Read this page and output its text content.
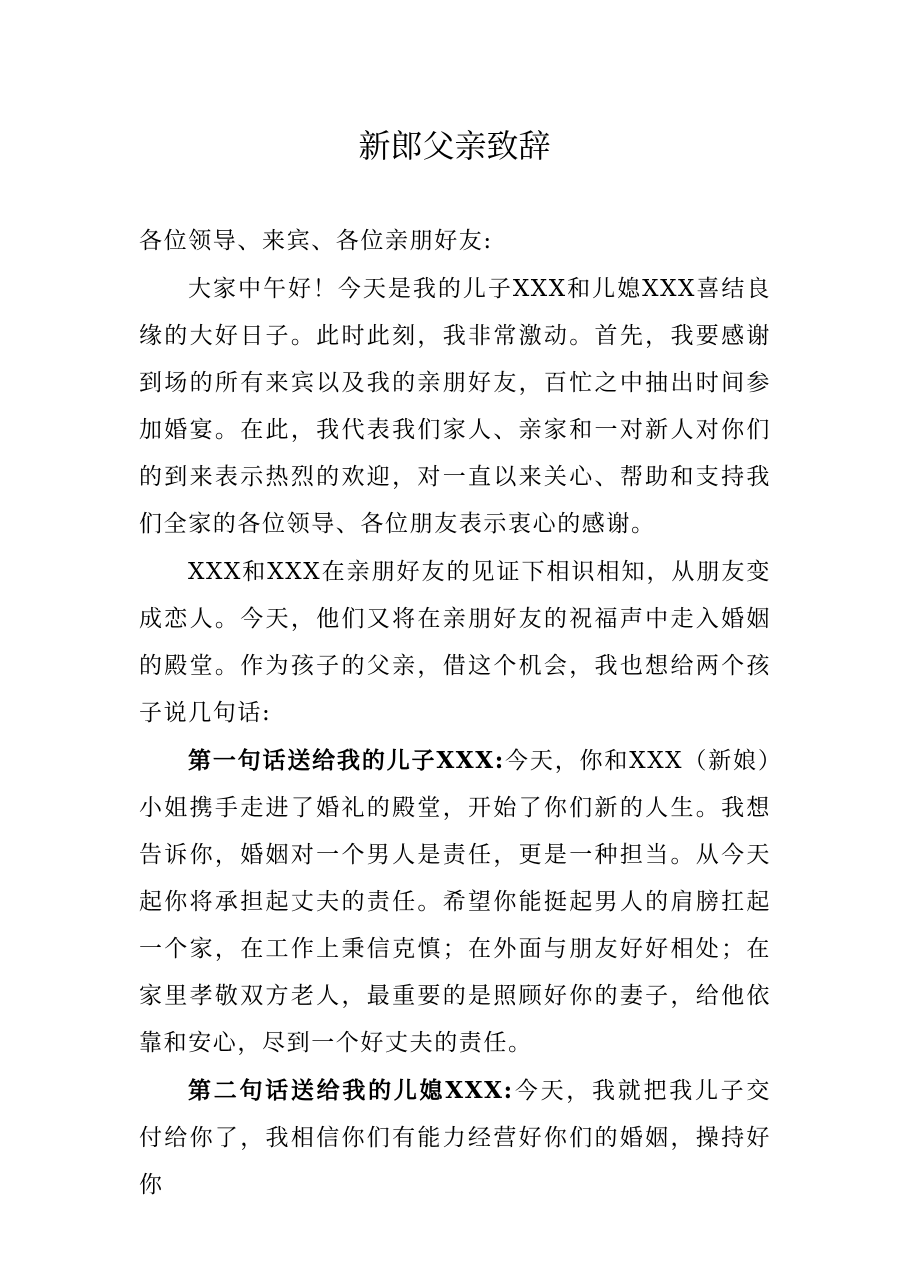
新郎父亲致辞

各位领导、来宾、各位亲朋好友:

大家中午好！今天是我的儿子XXX和儿媳XXX喜结良缘的大好日子。此时此刻，我非常激动。首先，我要感谢到场的所有来宾以及我的亲朋好友，百忙之中抽出时间参加婚宴。在此，我代表我们家人、亲家和一对新人对你们的到来表示热烈的欢迎，对一直以来关心、帮助和支持我们全家的各位领导、各位朋友表示衷心的感谢。

XXX和XXX在亲朋好友的见证下相识相知，从朋友变成恋人。今天，他们又将在亲朋好友的祝福声中走入婚姻的殿堂。作为孩子的父亲，借这个机会，我也想给两个孩子说几句话:

第一句话送给我的儿子XXX:今天，你和XXX（新娘）小姐携手走进了婚礼的殿堂，开始了你们新的人生。我想告诉你，婚姻对一个男人是责任，更是一种担当。从今天起你将承担起丈夫的责任。希望你能挺起男人的肩膀扛起一个家，在工作上秉信克慎；在外面与朋友好好相处；在家里孝敬双方老人，最重要的是照顾好你的妻子，给他依靠和安心，尽到一个好丈夫的责任。

第二句话送给我的儿媳XXX:今天，我就把我儿子交付给你了，我相信你们有能力经营好你们的婚姻，操持好你
